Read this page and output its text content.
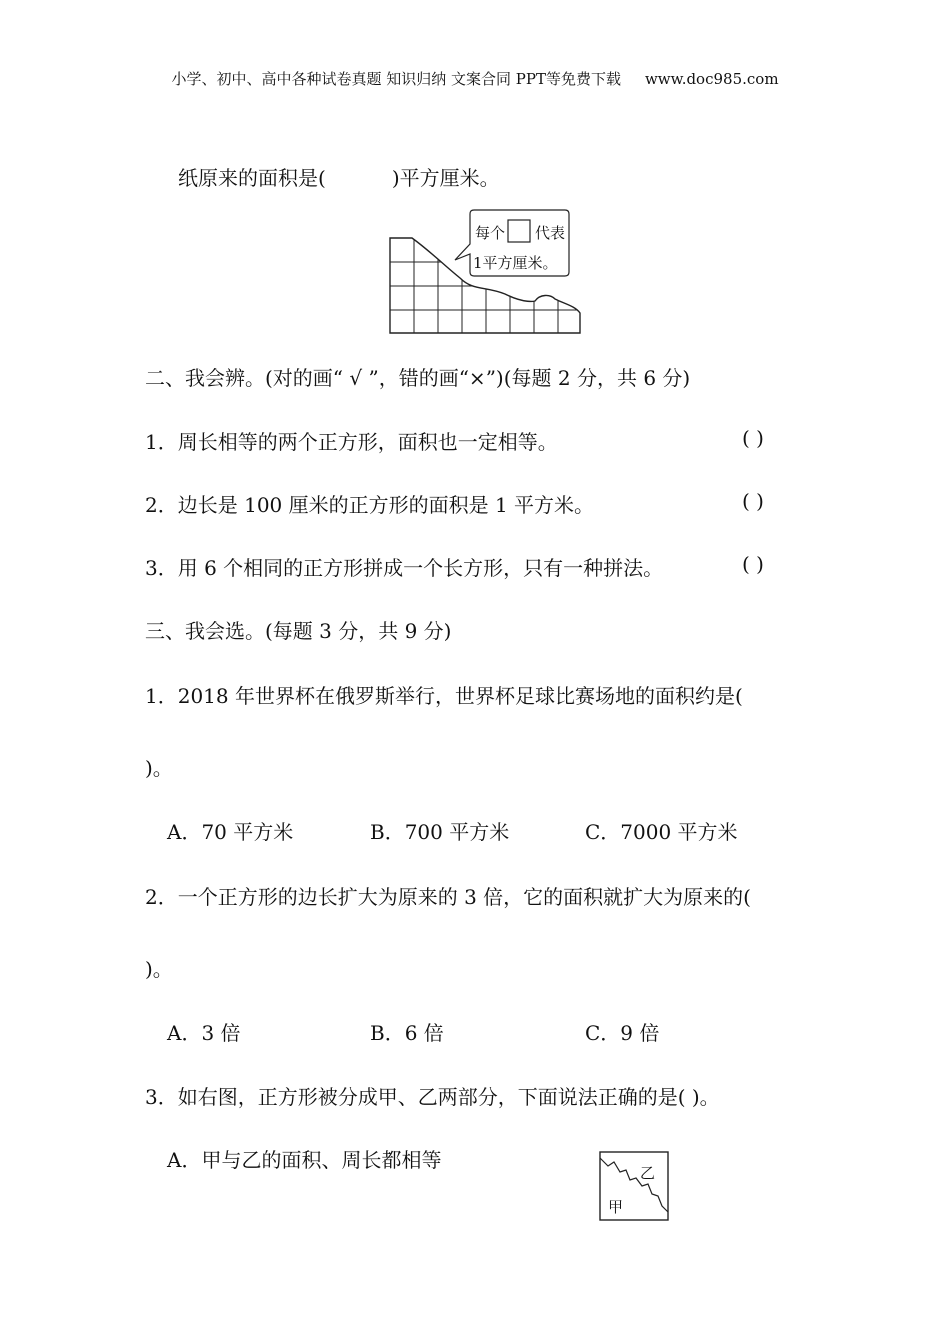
小学、初中、高中各种试卷真题 知识归纳 文案合同 PPT等免费下载 www.doc985.com
纸原来的面积是(	)平方厘米。
每个 代表
1平方厘米。
二、我会辨。(对的画“ √ ”，错的画“×”)(每题 2 分，共 6 分)
1．周长相等的两个正方形，面积也一定相等。	( )
2．边长是 100 厘米的正方形的面积是 1 平方米。	( )
3．用 6 个相同的正方形拼成一个长方形，只有一种拼法。	( )
三、我会选。(每题 3 分，共 9 分)
1．2018 年世界杯在俄罗斯举行，世界杯足球比赛场地的面积约是(
)。
A．70 平方米	B．700 平方米	C．7000 平方米
2．一个正方形的边长扩大为原来的 3 倍，它的面积就扩大为原来的(
)。
A．3 倍	B．6 倍	C．9 倍
3．如右图，正方形被分成甲、乙两部分，下面说法正确的是( )。
A．甲与乙的面积、周长都相等
乙
甲
